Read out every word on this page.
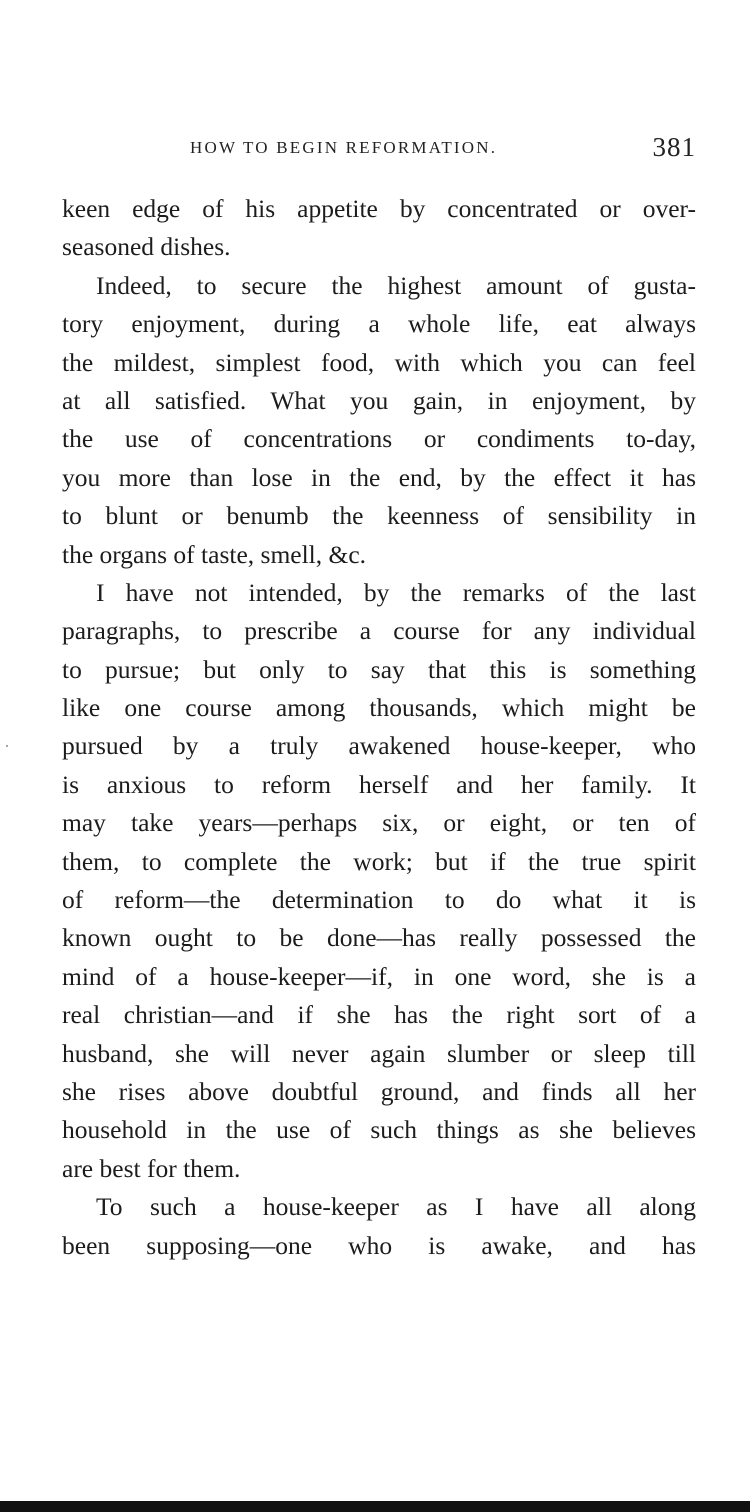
HOW TO BEGIN REFORMATION.	381
keen edge of his appetite by concentrated or over-
seasoned dishes.
Indeed, to secure the highest amount of gusta-
tory enjoyment, during a whole life, eat always
the mildest, simplest food, with which you can feel
at all satisfied. What you gain, in enjoyment, by
the use of concentrations or condiments to-day,
you more than lose in the end, by the effect it has
to blunt or benumb the keenness of sensibility in
the organs of taste, smell, &c.
I have not intended, by the remarks of the last
paragraphs, to prescribe a course for any individual
to pursue; but only to say that this is something
like one course among thousands, which might be
pursued by a truly awakened house-keeper, who
is anxious to reform herself and her family. It
may take years—perhaps six, or eight, or ten of
them, to complete the work; but if the true spirit
of reform—the determination to do what it is
known ought to be done—has really possessed the
mind of a house-keeper—if, in one word, she is a
real christian—and if she has the right sort of a
husband, she will never again slumber or sleep till
she rises above doubtful ground, and finds all her
household in the use of such things as she believes
are best for them.
To such a house-keeper as I have all along
been supposing—one who is awake, and has
